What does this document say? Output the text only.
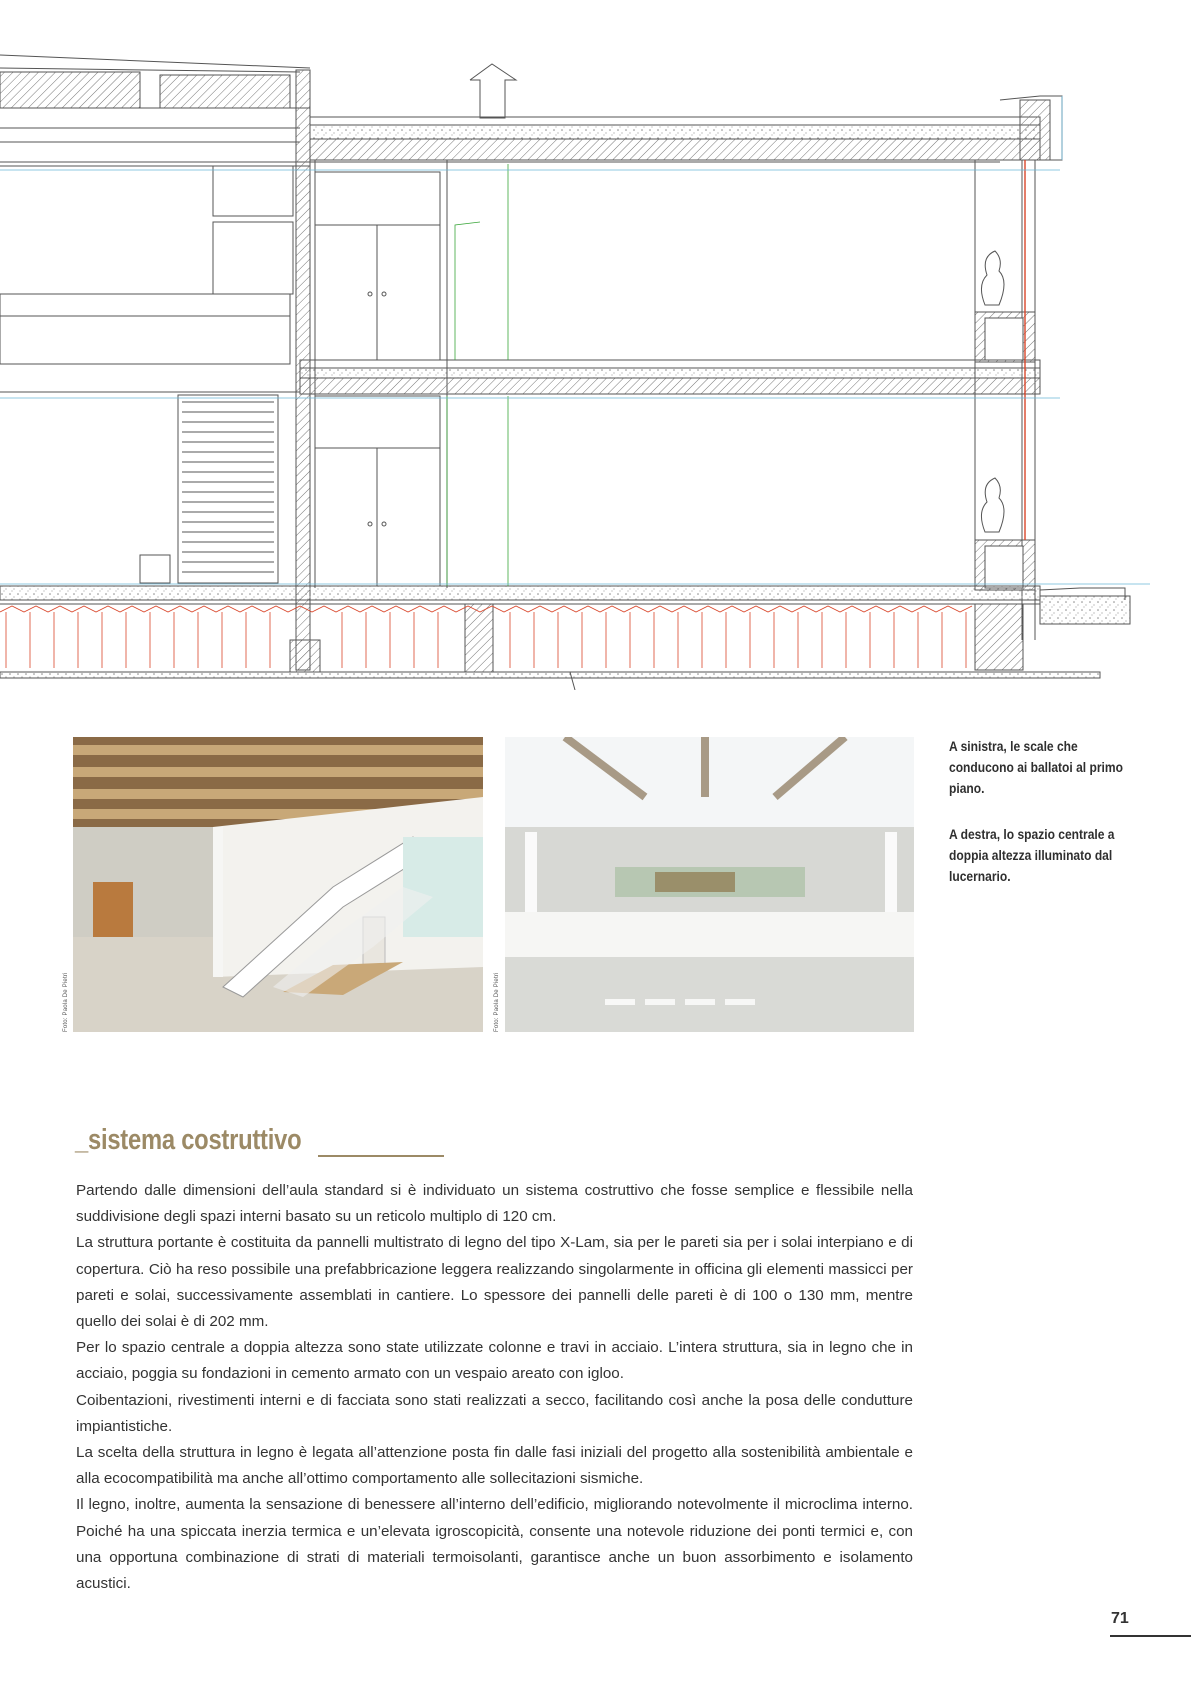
Foto: Paola De Pietri	Foto: Paola De Pietri
A sinistra, le scale che conducono ai ballatoi al primo piano.
A destra, lo spazio centrale a doppia altezza illuminato dal lucernario.
_sistema costruttivo

Partendo dalle dimensioni dell’aula standard si è individuato un sistema costruttivo che fosse semplice e flessibile nella suddivisione degli spazi interni basato su un reticolo multiplo di 120 cm.

La struttura portante è costituita da pannelli multistrato di legno del tipo X-Lam, sia per le pareti sia per i solai interpiano e di copertura. Ciò ha reso possibile una prefabbricazione leggera realizzando singolarmente in officina gli elementi massicci per pareti e solai, successivamente assemblati in cantiere. Lo spessore dei pannelli delle pareti è di 100 o 130 mm, mentre quello dei solai è di 202 mm.

Per lo spazio centrale a doppia altezza sono state utilizzate colonne e travi in acciaio. L’intera struttura, sia in legno che in acciaio, poggia su fondazioni in cemento armato con un vespaio areato con igloo.

Coibentazioni, rivestimenti interni e di facciata sono stati realizzati a secco, facilitando così anche la posa delle condutture impiantistiche.

La scelta della struttura in legno è legata all’attenzione posta fin dalle fasi iniziali del progetto alla sostenibilità ambientale e alla ecocompatibilità ma anche all’ottimo comportamento alle sollecitazioni sismiche.

Il legno, inoltre, aumenta la sensazione di benessere all’interno dell’edificio, migliorando notevolmente il microclima interno. Poiché ha una spiccata inerzia termica e un’elevata igroscopicità, consente una notevole riduzione dei ponti termici e, con una opportuna combinazione di strati di materiali termoisolanti, garantisce anche un buon assorbimento e isolamento acustici.

71
